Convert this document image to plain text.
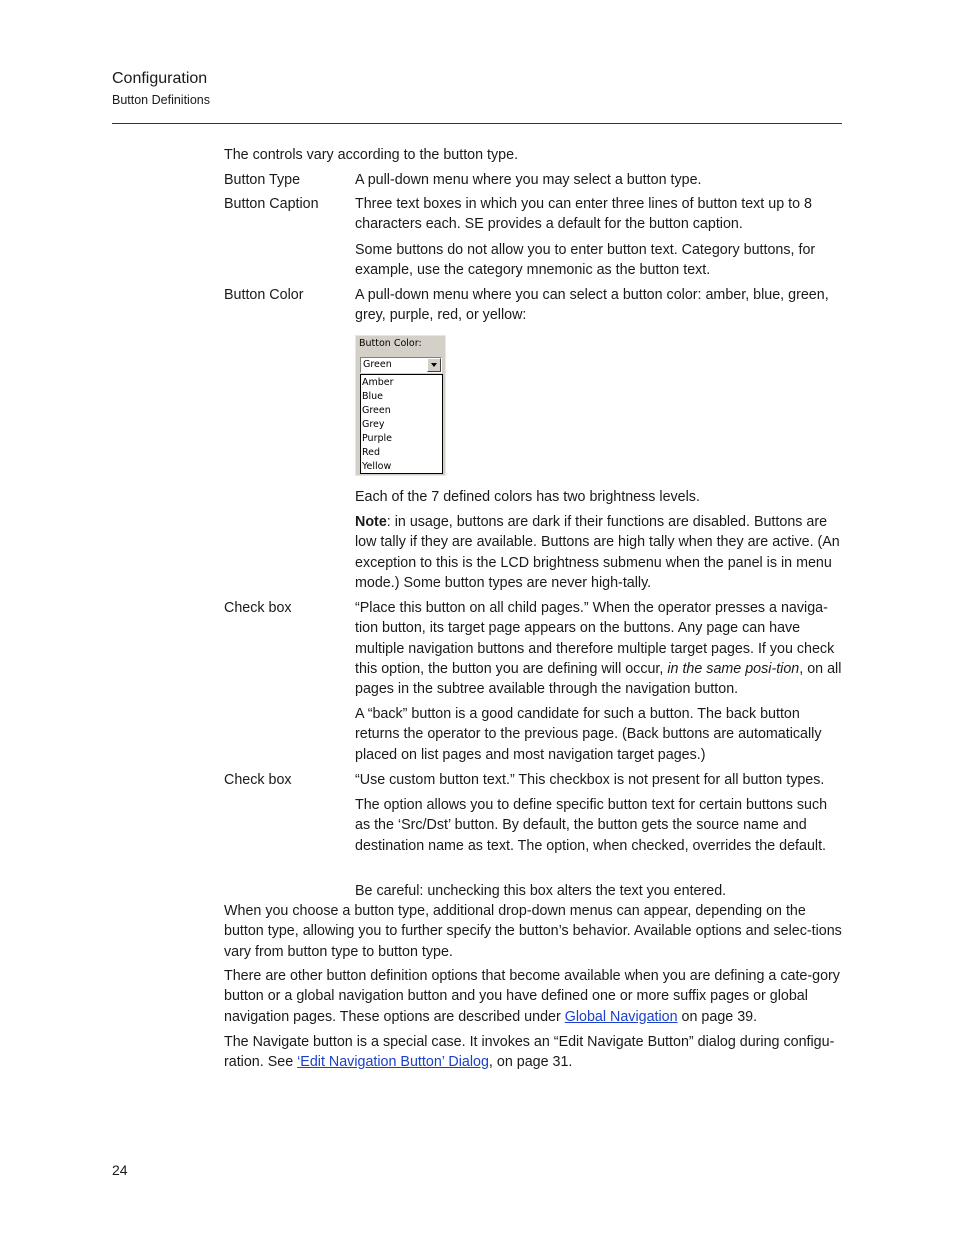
Configuration
Button Definitions
The controls vary according to the button type.
Button Type	A pull-down menu where you may select a button type.
Button Caption	Three text boxes in which you can enter three lines of button text up to 8 characters each. SE provides a default for the button caption.
Some buttons do not allow you to enter button text. Category buttons, for example, use the category mnemonic as the button text.
Button Color	A pull-down menu where you can select a button color: amber, blue, green, grey, purple, red, or yellow:
Button Color:
Green
Amber
Blue
Green
Grey
Purple
Red
Yellow
Each of the 7 defined colors has two brightness levels.
Note: in usage, buttons are dark if their functions are disabled. Buttons are low tally if they are available. Buttons are high tally when they are active. (An exception to this is the LCD brightness submenu when the panel is in menu mode.) Some button types are never high-tally.
Check box	“Place this button on all child pages.” When the operator presses a naviga-tion button, its target page appears on the buttons. Any page can have multiple navigation buttons and therefore multiple target pages. If you check this option, the button you are defining will occur, in the same posi-tion, on all pages in the subtree available through the navigation button.
A “back” button is a good candidate for such a button. The back button returns the operator to the previous page. (Back buttons are automatically placed on list pages and most navigation target pages.)
Check box	“Use custom button text.” This checkbox is not present for all button types.
The option allows you to define specific button text for certain buttons such as the ‘Src/Dst’ button. By default, the button gets the source name and destination name as text. The option, when checked, overrides the default.
Be careful: unchecking this box alters the text you entered.
When you choose a button type, additional drop-down menus can appear, depending on the button type, allowing you to further specify the button’s behavior. Available options and selec-tions vary from button type to button type.
There are other button definition options that become available when you are defining a cate-gory button or a global navigation button and you have defined one or more suffix pages or global navigation pages. These options are described under Global Navigation on page 39.
The Navigate button is a special case. It invokes an “Edit Navigate Button” dialog during configu-ration. See ‘Edit Navigation Button’ Dialog, on page 31.
24
